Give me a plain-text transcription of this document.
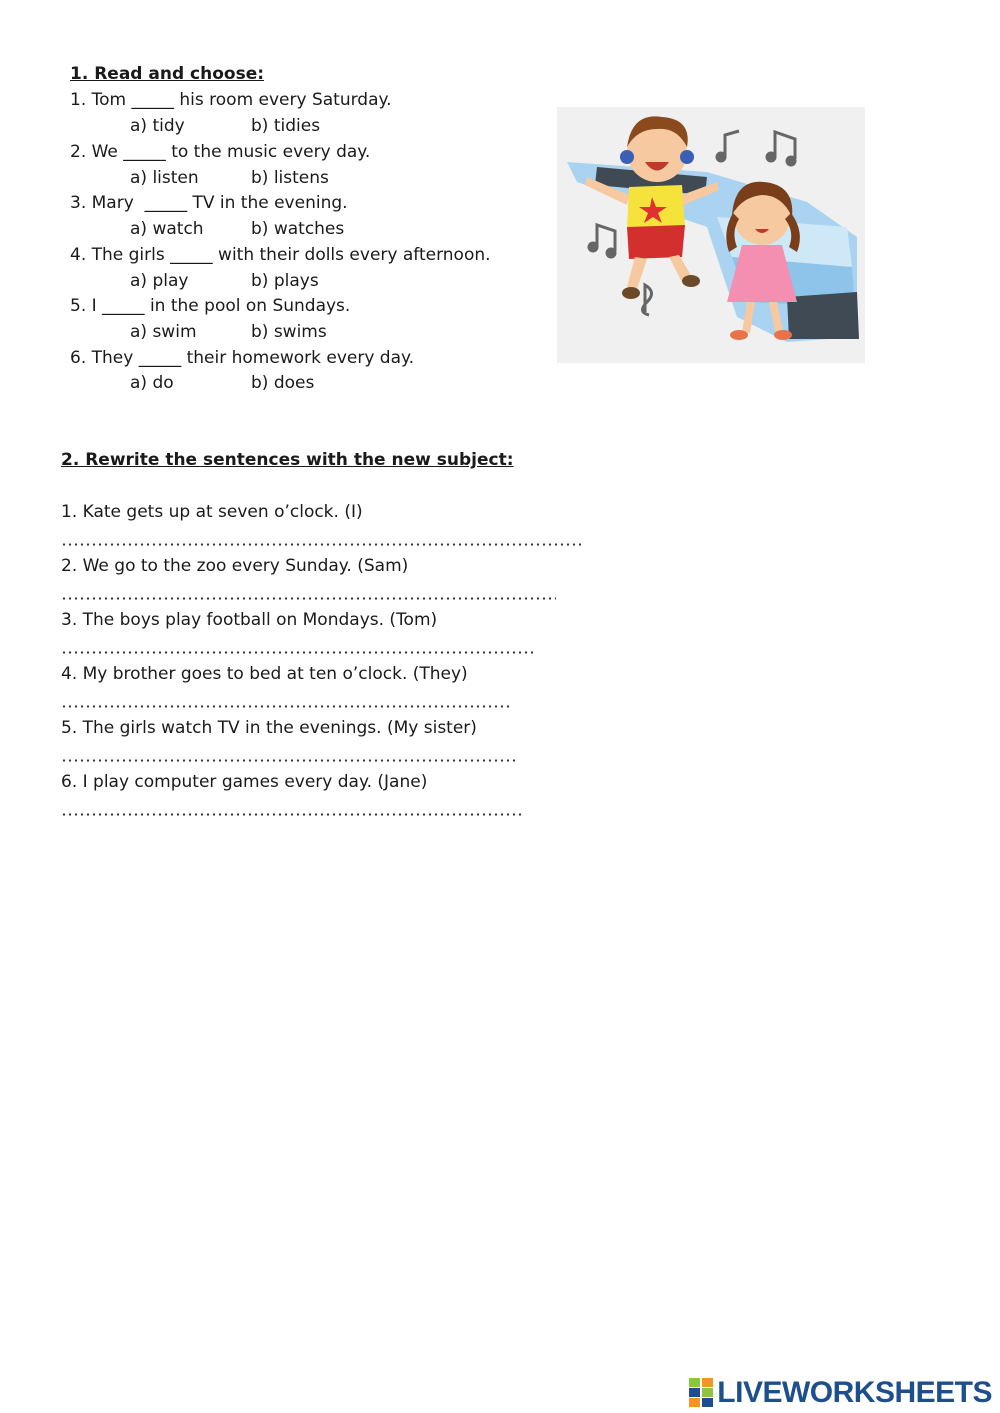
1. Read and choose:

1. Tom _____ his room every Saturday.
a) tidy	b) tidies
2. We _____ to the music every day.
a) listen	b) listens
3. Mary  _____ TV in the evening.
a) watch	b) watches
4. The girls _____ with their dolls every afternoon.
a) play	b) plays
5. I _____ in the pool on Sundays.
a) swim	b) swims
6. They _____ their homework every day.
a) do	b) does

2. Rewrite the sentences with the new subject:

1. Kate gets up at seven o’clock. (I)
2. We go to the zoo every Sunday. (Sam)
3. The boys play football on Mondays. (Tom)
4. My brother goes to bed at ten o’clock. (They)
5. The girls watch TV in the evenings. (My sister)
6. I play computer games every day. (Jane)
LIVEWORKSHEETS
